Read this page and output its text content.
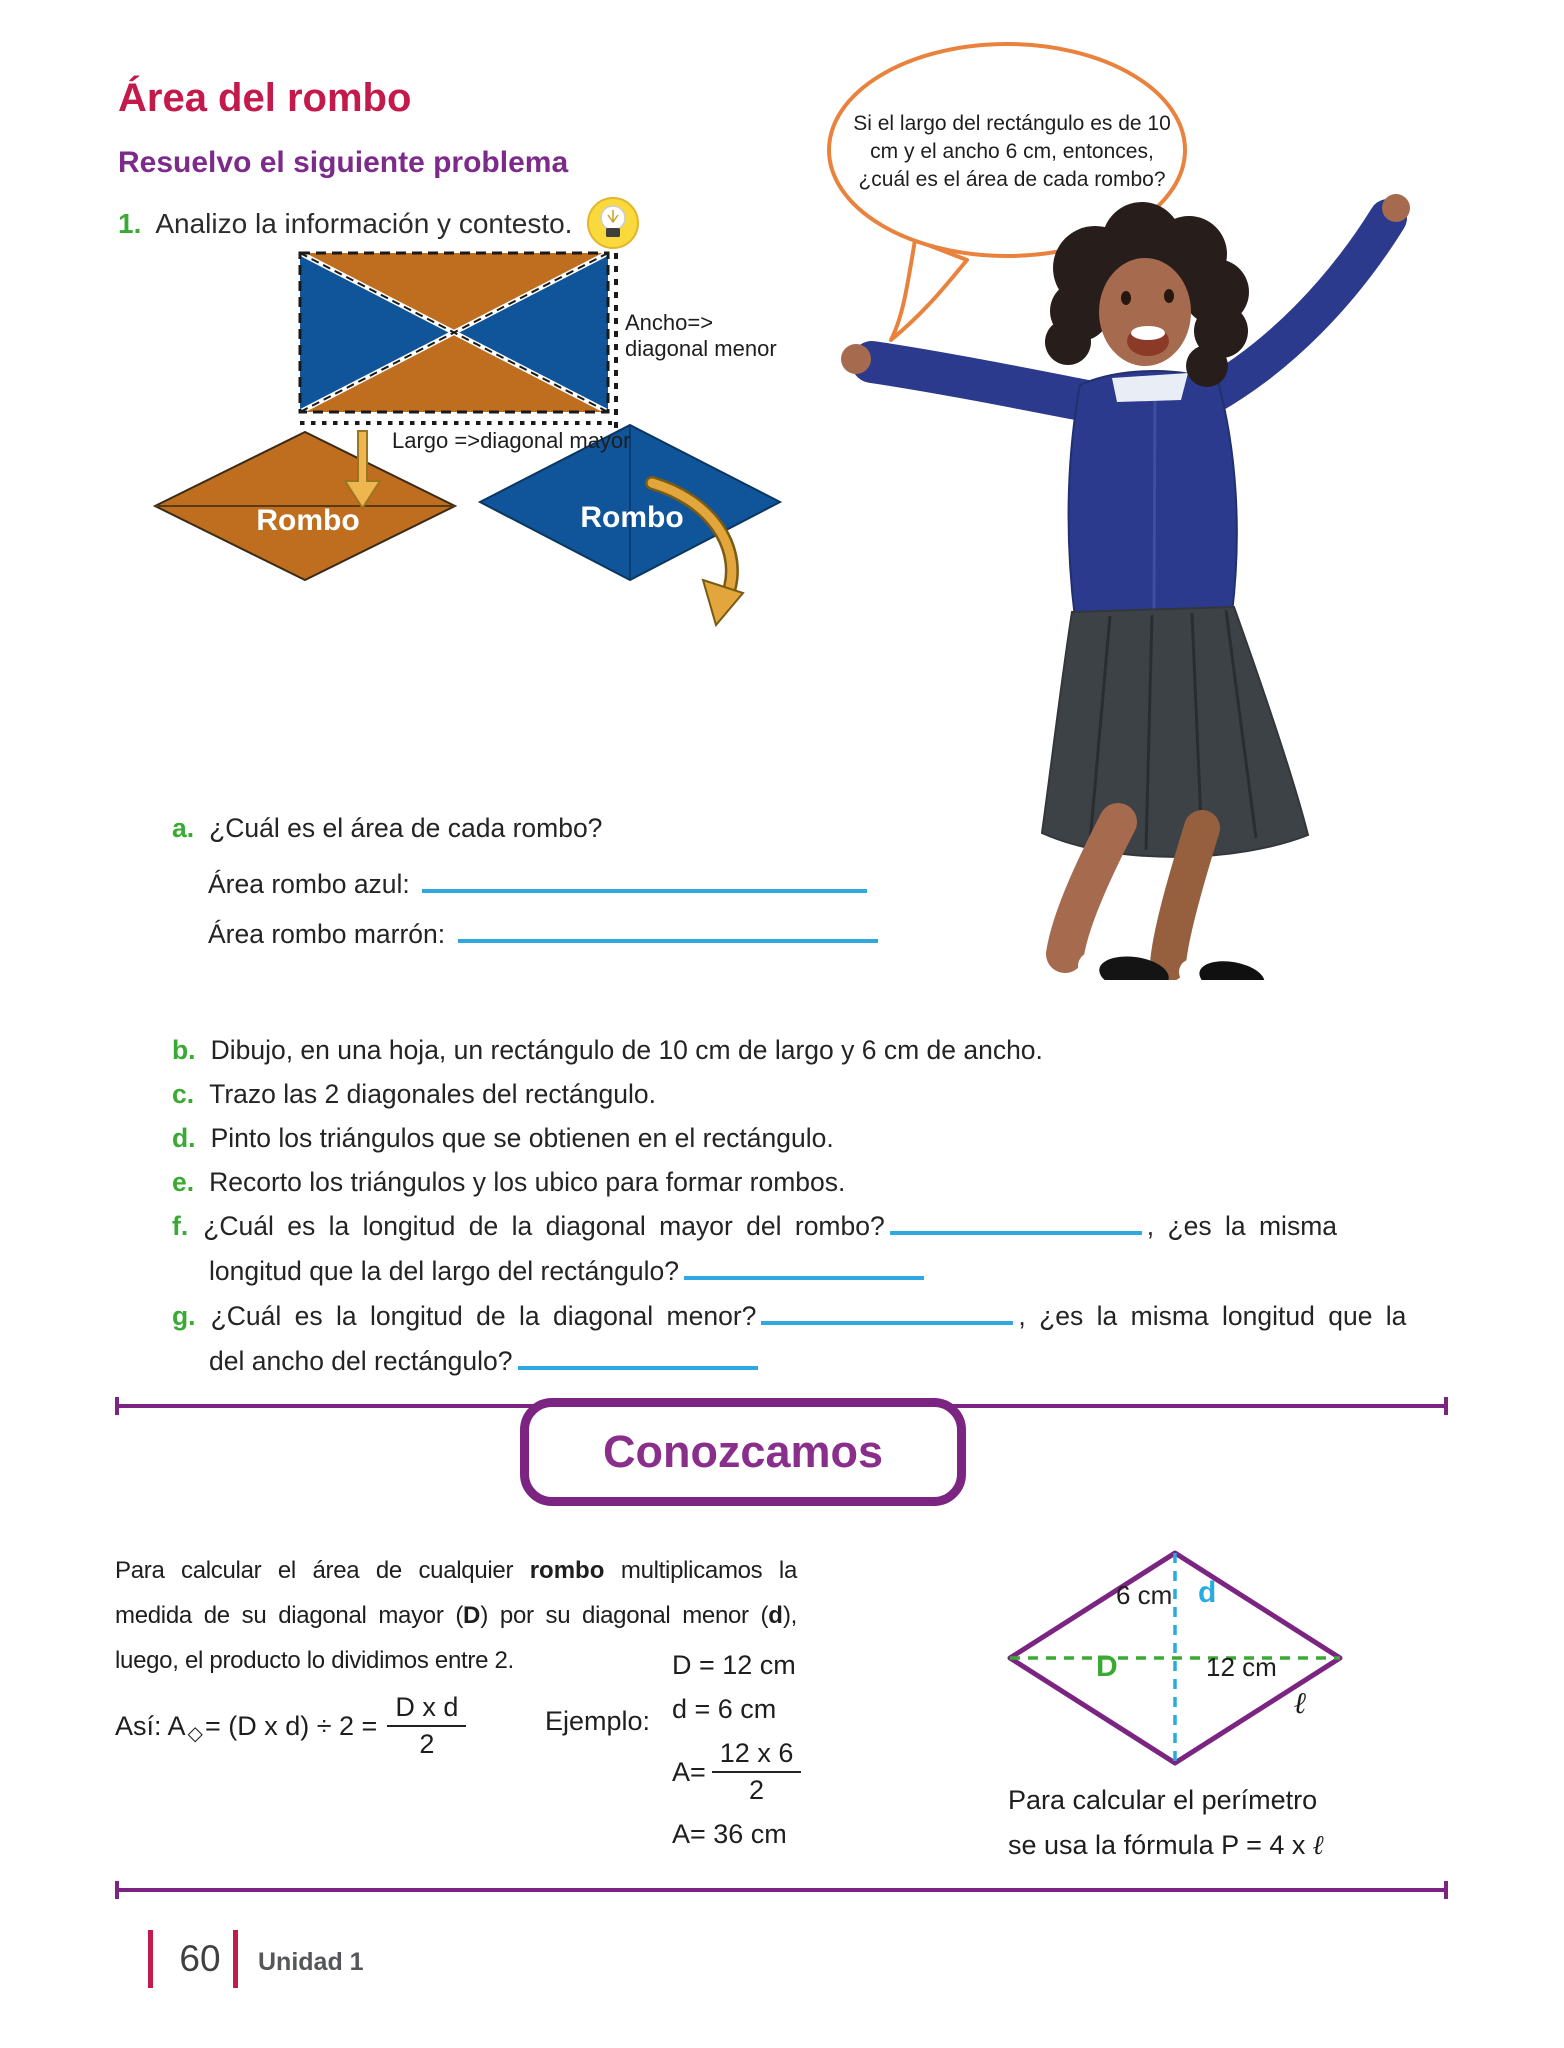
Área del rombo
Resuelvo el siguiente problema
1. Analizo la información y contesto.
Si el largo del rectángulo es de 10 cm y el ancho 6 cm, entonces, ¿cuál es el área de cada rombo?
Ancho=>
diagonal menor
Largo =>diagonal mayor
Rombo	Rombo
a. ¿Cuál es el área de cada rombo?
Área rombo azul:
Área rombo marrón:
b. Dibujo, en una hoja, un rectángulo de 10 cm de largo y 6 cm de ancho.
c. Trazo las 2 diagonales del rectángulo.
d. Pinto los triángulos que se obtienen en el rectángulo.
e. Recorto los triángulos y los ubico para formar rombos.
f. ¿Cuál es la longitud de la diagonal mayor del rombo?	, ¿es la misma
longitud que la del largo del rectángulo?
g. ¿Cuál es la longitud de la diagonal menor?	, ¿es la misma longitud que la
del ancho del rectángulo?
Conozcamos
Para calcular el área de cualquier rombo multiplicamos la medida de su diagonal mayor (D) por su diagonal menor (d), luego, el producto lo dividimos entre 2.
Así: A ◇ = (D x $d) \div 2 = \frac{\text{D x d}}{2}$	Ejemplo:
D = 12 cm
d = 6 cm
$A= \frac{12 x 6}{2}$
A= 36 cm
6 cm d
D	12 cm
ℓ
Para calcular el perímetro
se usa la fórmula P = 4 x ℓ
60	Unidad 1
